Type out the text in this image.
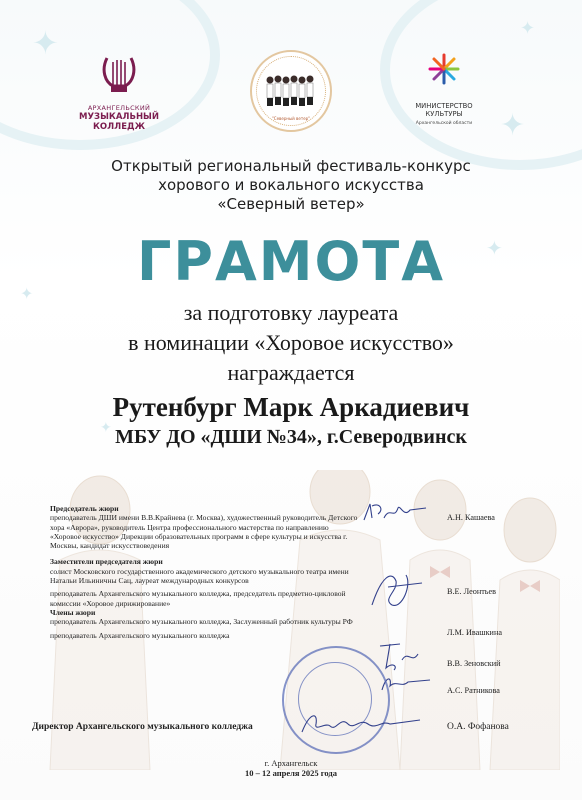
✦
✦
✦
✦
✦
✦
АРХАНГЕЛЬСКИЙ
МУЗЫКАЛЬНЫЙ
КОЛЛЕДЖ
"Северный ветер"
МИНИСТЕРСТВО
КУЛЬТУРЫ
Архангельской области
Открытый региональный фестиваль-конкурс
хорового и вокального искусства
«Северный ветер»
ГРАМОТА
за подготовку лауреата
в номинации «Хоровое искусство»
награждается
Рутенбург Марк Аркадиевич
МБУ ДО «ДШИ №34», г.Северодвинск

Председатель жюри

преподаватель ДШИ имени В.В.Крайнева (г. Москва), художественный руководитель Детского хора «Аврора», руководитель Центра профессионального мастерства по направлению «Хоровое искусство» Дирекции образовательных программ в сфере культуры и искусства г. Москвы, кандидат искусствоведения

Заместители председателя жюри

солист Московского государственного академического детского музыкального театра имени Натальи Ильиничны Сац, лауреат международных конкурсов

преподаватель Архангельского музыкального колледжа, председатель предметно-цикловой комиссии «Хоровое дирижирование»

Члены жюри

преподаватель Архангельского музыкального колледжа, Заслуженный работник культуры РФ

преподаватель Архангельского музыкального колледжа

А.Н. Кашаева
В.Е. Леонтьев
Л.М. Ивашкина
В.В. Зеновский
А.С. Ратникова
Директор Архангельского музыкального колледжа	О.А. Фофанова
г. Архангельск
10 – 12 апреля 2025 года
